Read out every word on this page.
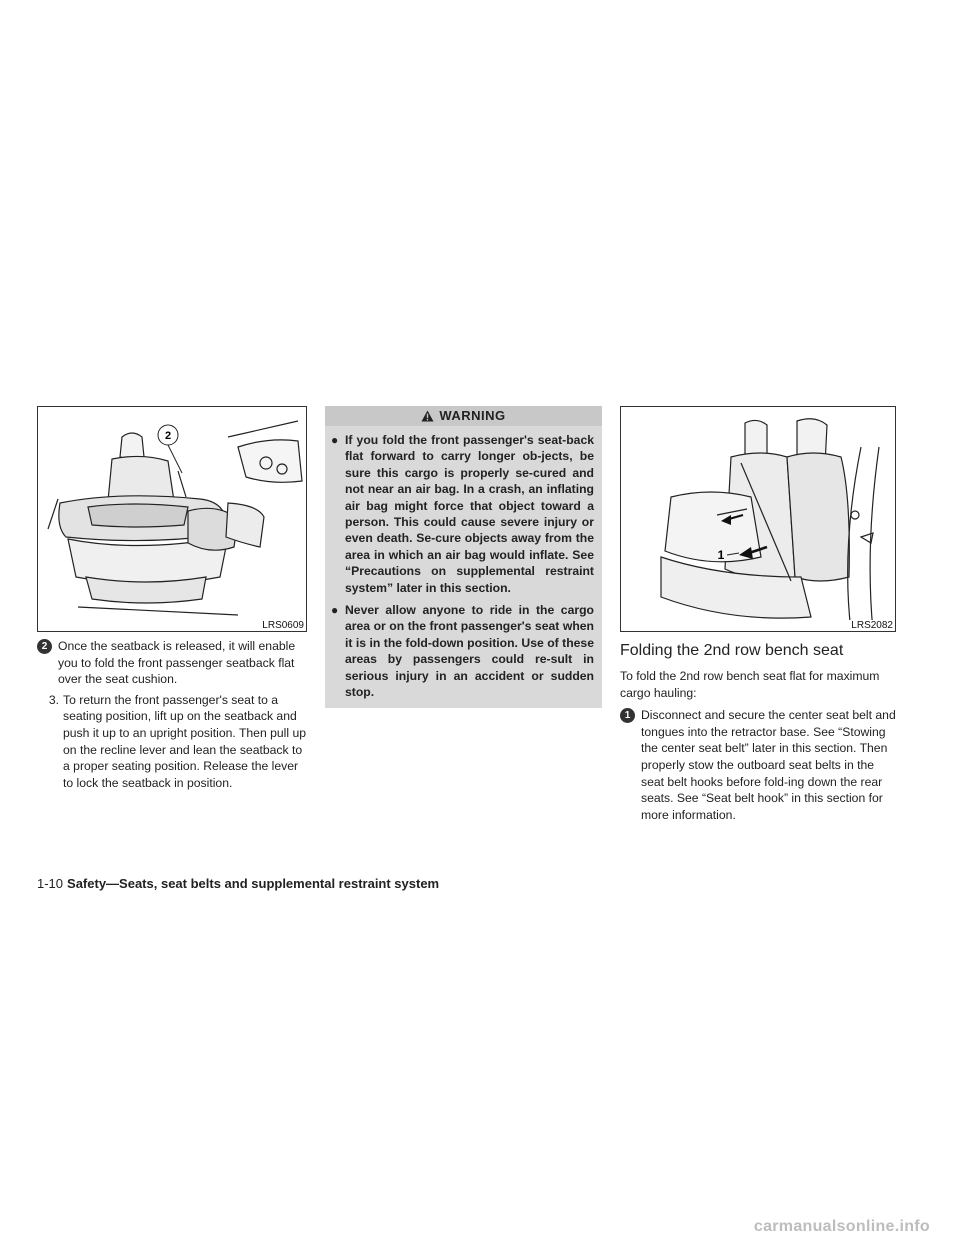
2
LRS0609
2 Once the seatback is released, it will enable you to fold the front passenger seatback flat over the seat cushion.
3. To return the front passenger's seat to a seating position, lift up on the seatback and push it up to an upright position. Then pull up on the recline lever and lean the seatback to a proper seating position. Release the lever to lock the seatback in position.
WARNING
● If you fold the front passenger's seat-back flat forward to carry longer ob-jects, be sure this cargo is properly se-cured and not near an air bag. In a crash, an inflating air bag might force that object toward a person. This could cause severe injury or even death. Se-cure objects away from the area in which an air bag would inflate. See “Precautions on supplemental restraint system” later in this section.
● Never allow anyone to ride in the cargo area or on the front passenger's seat when it is in the fold-down position. Use of these areas by passengers could re-sult in serious injury in an accident or sudden stop.
1
LRS2082
Folding the 2nd row bench seat

To fold the 2nd row bench seat flat for maximum cargo hauling:

1 Disconnect and secure the center seat belt and tongues into the retractor base. See “Stowing the center seat belt” later in this section. Then properly stow the outboard seat belts in the seat belt hooks before fold-ing down the rear seats. See “Seat belt hook” in this section for more information.
1-10 Safety—Seats, seat belts and supplemental restraint system
carmanualsonline.info
